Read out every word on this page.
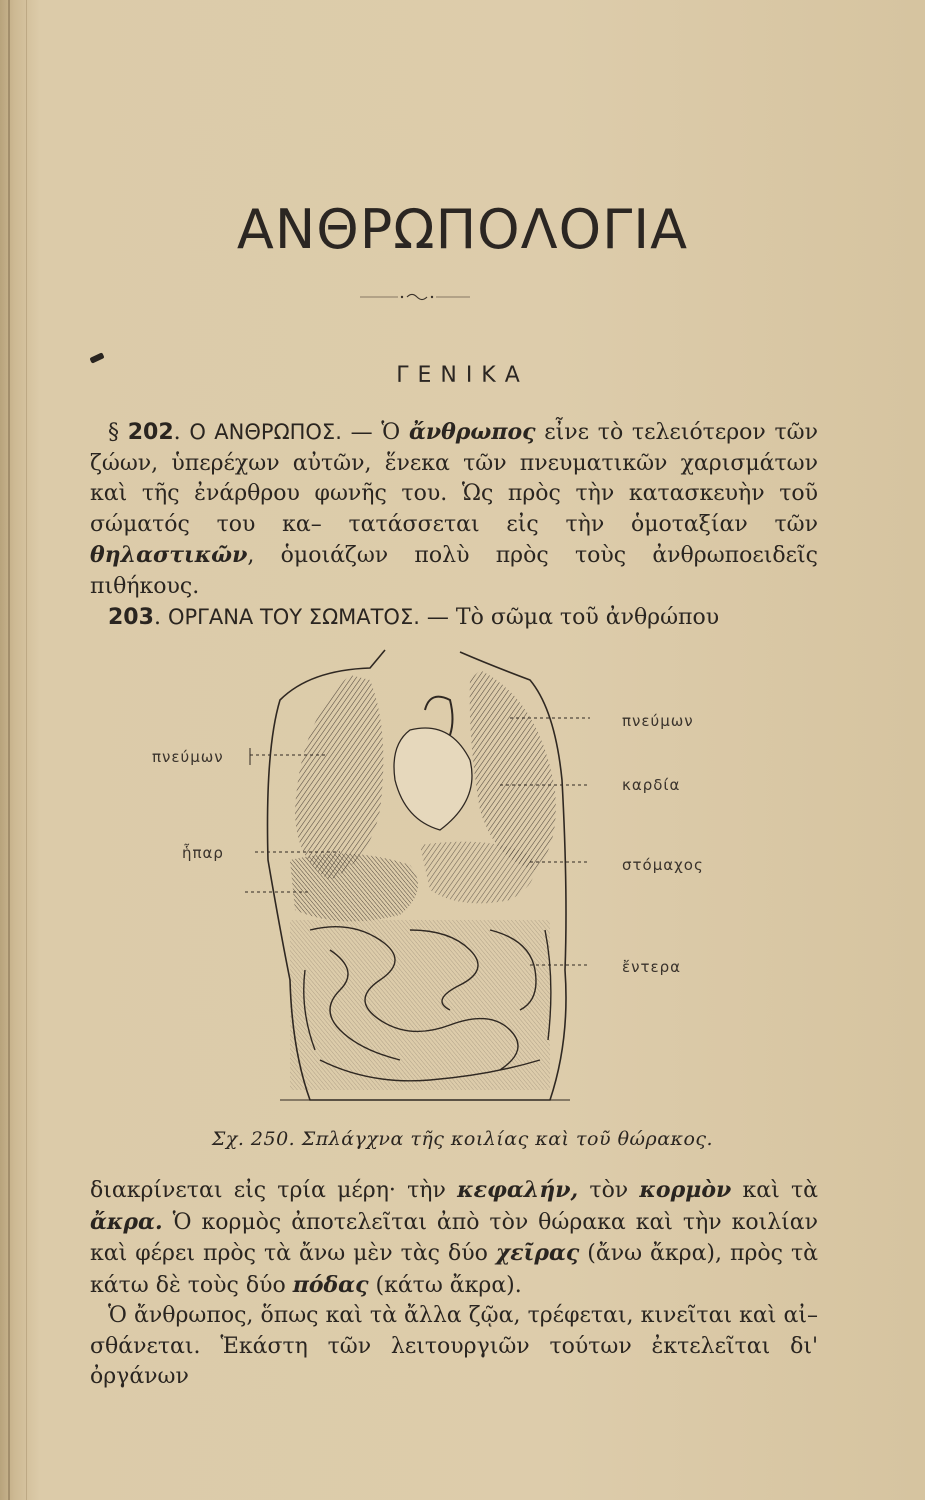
ΑΝΘΡΩΠΟΛΟΓΙΑ
ΓΕΝΙΚΑ

§ 202. Ο ΑΝΘΡΩΠΟΣ. — Ὁ ἄνθρωπος εἶνε τὸ τελειότερον τῶν ζώων, ὑπερέχων αὐτῶν, ἕνεκα τῶν πνευματικῶν χαρισμάτων καὶ τῆς ἐνάρθρου φωνῆς του. Ὡς πρὸς τὴν κατασκευὴν τοῦ σώματός του κα– τατάσσεται εἰς τὴν ὁμοταξίαν τῶν θηλαστικῶν, ὁμοιάζων πολὺ πρὸς τοὺς ἀνθρωποειδεῖς πιθήκους.

203. ΟΡΓΑΝΑ ΤΟΥ ΣΩΜΑΤΟΣ. — Τὸ σῶμα τοῦ ἀνθρώπου

πνεύμων
ἧπαρ
πνεύμων
καρδία
στόμαχος
ἔντερα
Σχ. 250. Σπλάγχνα τῆς κοιλίας καὶ τοῦ θώρακος.

διακρίνεται εἰς τρία μέρη· τὴν κεφαλήν, τὸν κορμὸν καὶ τὰ ἄκρα. Ὁ κορμὸς ἀποτελεῖται ἀπὸ τὸν θώρακα καὶ τὴν κοιλίαν καὶ φέρει πρὸς τὰ ἄνω μὲν τὰς δύο χεῖρας (ἄνω ἄκρα), πρὸς τὰ κάτω δὲ τοὺς δύο πόδας (κάτω ἄκρα).

Ὁ ἄνθρωπος, ὅπως καὶ τὰ ἄλλα ζῷα, τρέφεται, κινεῖται καὶ αἰ– σθάνεται. Ἑκάστη τῶν λειτουργιῶν τούτων ἐκτελεῖται δι' ὀργάνων
